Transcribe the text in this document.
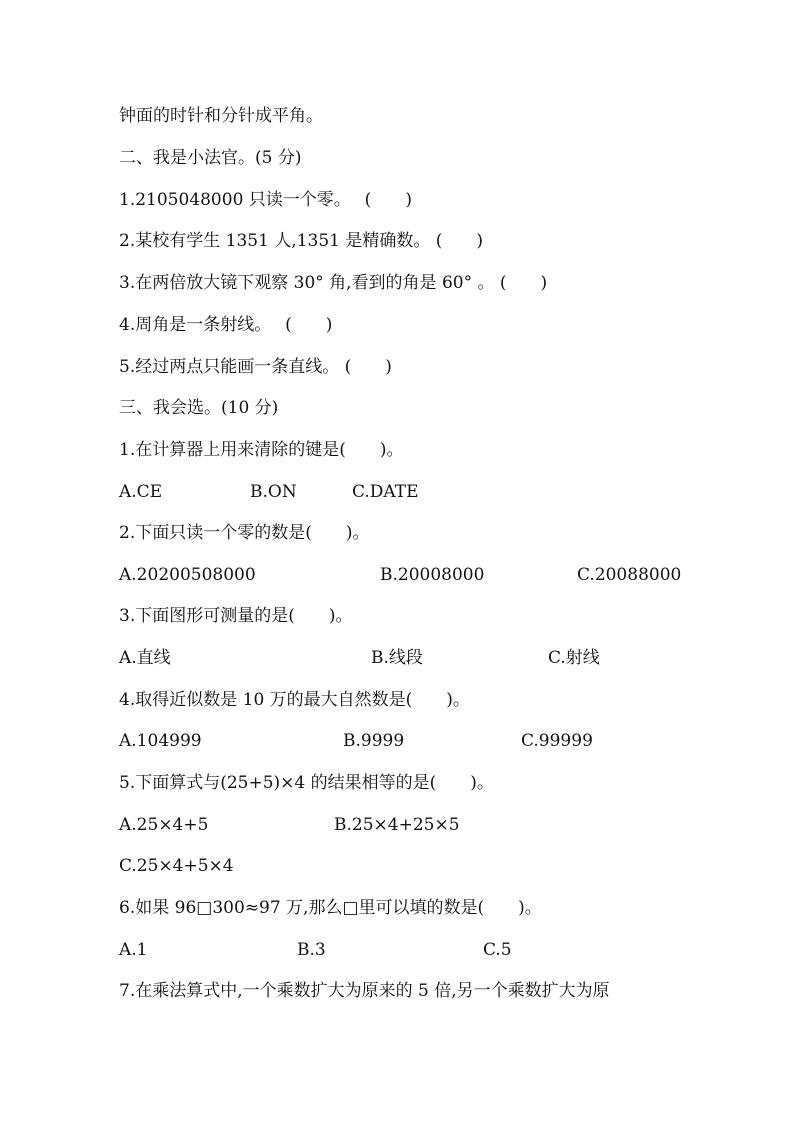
钟面的时针和分针成平角。
二、我是小法官。(5 分)
1.2105048000 只读一个零。　 (　　)
2.某校有学生 1351 人,1351 是精确数。 (　　)
3.在两倍放大镜下观察 30° 角,看到的角是 60° 。 (　　)
4.周角是一条射线。　 (　　)
5.经过两点只能画一条直线。 (　　)
三、我会选。(10 分)
1.在计算器上用来清除的键是(　　)。
A.CE	B.ON	C.DATE
2.下面只读一个零的数是(　　)。
A.20200508000	B.20008000	C.20088000
3.下面图形可测量的是(　　)。
A.直线	B.线段	C.射线
4.取得近似数是 10 万的最大自然数是(　　)。
A.104999	B.9999	C.99999
5.下面算式与(25+5)×4 的结果相等的是(　　)。
A.25×4+5	B.25×4+25×5
C.25×4+5×4
6.如果 96□300≈97 万,那么□里可以填的数是(　　)。
A.1	B.3	C.5
7.在乘法算式中,一个乘数扩大为原来的 5 倍,另一个乘数扩大为原
